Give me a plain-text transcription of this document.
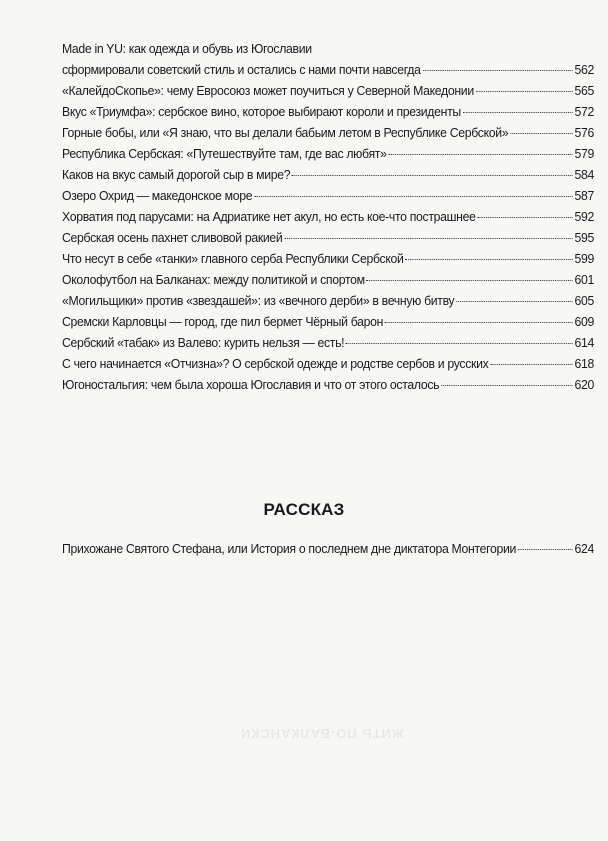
ЖИТЬ ПО-БАЛКАНСКИ
Made in YU: как одежда и обувь из Югославии
сформировали советский стиль и остались с нами почти навсегда	562
«КалейдоСкопье»: чему Евросоюз может поучиться у Северной Македонии	565
Вкус «Триумфа»: сербское вино, которое выбирают короли и президенты	572
Горные бобы, или «Я знаю, что вы делали бабьим летом в Республике Сербской»	576
Республика Сербская: «Путешествуйте там, где вас любят»	579
Каков на вкус самый дорогой сыр в мире?	584
Озеро Охрид — македонское море	587
Хорватия под парусами: на Адриатике нет акул, но есть кое-что пострашнее	592
Сербская осень пахнет сливовой ракией	595
Что несут в себе «танки» главного серба Республики Сербской	599
Околофутбол на Балканах: между политикой и спортом	601
«Могильщики» против «звездашей»: из «вечного дерби» в вечную битву	605
Сремски Карловцы — город, где пил бермет Чёрный барон	609
Сербский «табак» из Валево: курить нельзя — есть!	614
С чего начинается «Отчизна»? О сербской одежде и родстве сербов и русских	618
Югоностальгия: чем была хороша Югославия и что от этого осталось	620
РАССКАЗ
Прихожане Святого Стефана, или История о последнем дне диктатора Монтегории	624
